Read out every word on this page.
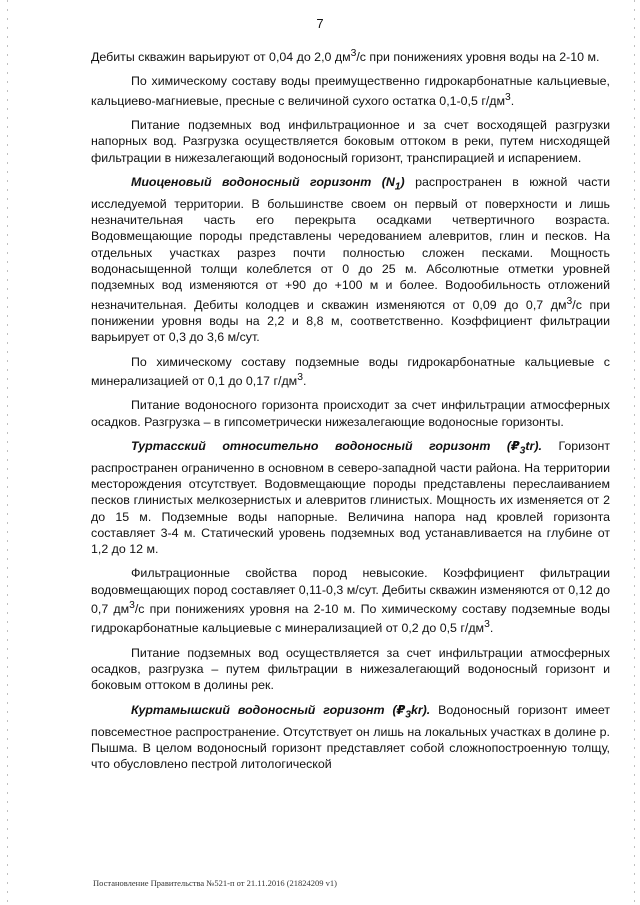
7

Дебиты скважин варьируют от 0,04 до 2,0 $дм^3/с$ при понижениях уровня воды на 2-10 м.

По химическому составу воды преимущественно гидрокарбонатные кальциевые, кальциево-магниевые, пресные с величиной сухого остатка 0,1-0,5 $г/дм^3$.

Питание подземных вод инфильтрационное и за счет восходящей разгрузки напорных вод. Разгрузка осуществляется боковым оттоком в реки, путем нисходящей фильтрации в нижезалегающий водоносный горизонт, транспирацией и испарением.

Миоценовый водоносный горизонт $(N_1)$ распространен в южной части исследуемой территории. В большинстве своем он первый от поверхности и лишь незначительная часть его перекрыта осадками четвертичного возраста. Водовмещающие породы представлены чередованием алевритов, глин и песков. На отдельных участках разрез почти полностью сложен песками. Мощность водонасыщенной толщи колеблется от 0 до 25 м. Абсолютные отметки уровней подземных вод изменяются от +90 до +100 м и более. Водообильность отложений незначительная. Дебиты колодцев и скважин изменяются от 0,09 до 0,7 $дм^3/с$ при понижении уровня воды на 2,2 и 8,8 м, соответственно. Коэффициент фильтрации варьирует от 0,3 до 3,6 м/сут.

По химическому составу подземные воды гидрокарбонатные кальциевые с минерализацией от 0,1 до 0,17 $г/дм^3$.

Питание водоносного горизонта происходит за счет инфильтрации атмосферных осадков. Разгрузка – в гипсометрически нижезалегающие водоносные горизонты.

Туртасский относительно водоносный горизонт $(₽_3tr)$. Горизонт распространен ограниченно в основном в северо-западной части района. На территории месторождения отсутствует. Водовмещающие породы представлены переслаиванием песков глинистых мелкозернистых и алевритов глинистых. Мощность их изменяется от 2 до 15 м. Подземные воды напорные. Величина напора над кровлей горизонта составляет 3-4 м. Статический уровень подземных вод устанавливается на глубине от 1,2 до 12 м.

Фильтрационные свойства пород невысокие. Коэффициент фильтрации водовмещающих пород составляет 0,11-0,3 м/сут. Дебиты скважин изменяются от 0,12 до 0,7 $дм^3/с$ при понижениях уровня на 2-10 м. По химическому составу подземные воды гидрокарбонатные кальциевые с минерализацией от 0,2 до 0,5 $г/дм^3$.

Питание подземных вод осуществляется за счет инфильтрации атмосферных осадков, разгрузка – путем фильтрации в нижезалегающий водоносный горизонт и боковым оттоком в долины рек.

Куртамышский водоносный горизонт $(₽_3kr)$. Водоносный горизонт имеет повсеместное распространение. Отсутствует он лишь на локальных участках в долине р. Пышма. В целом водоносный горизонт представляет собой сложнопостроенную толщу, что обусловлено пестрой литологической

Постановление Правительства №521-п от 21.11.2016 (21824209 v1)
